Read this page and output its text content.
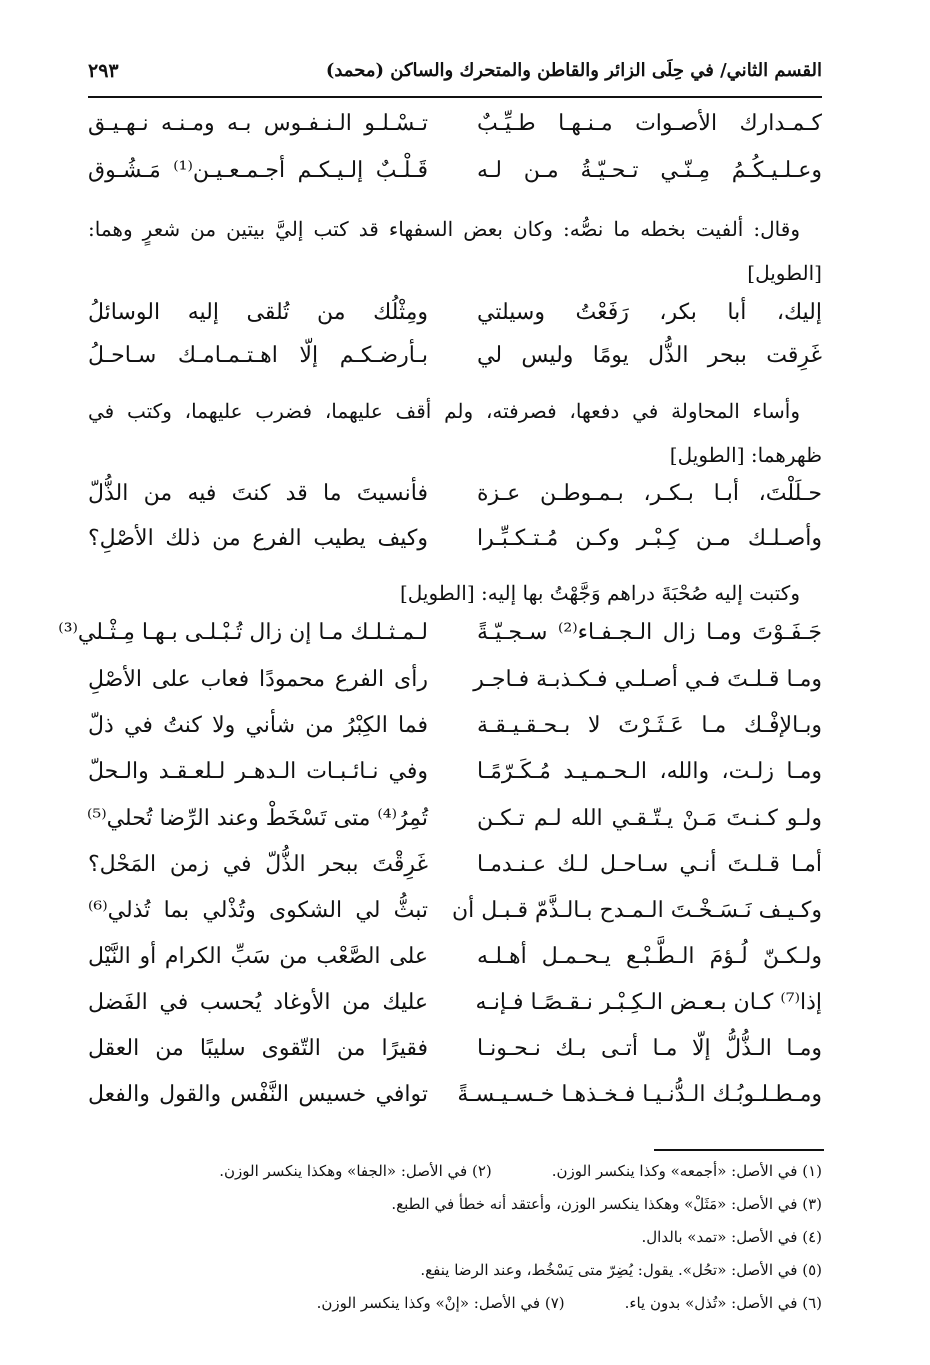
القسم الثاني/ في حِلَى الزائر والقاطن والمتحرك والساكن (محمد)
٢٩٣
كـمـدارك الأصـوات مـنـهـا طـيِّـبٌ
تـسْـلـو الـنـفـوس بـه ومـنـه نـهـيـق
وعـلـيـكُـمُ مِـنّـي تـحـيّـةُ مـن لـه
قَـلْـبٌ إلـيـكـم أجـمـعـيـن⁽¹⁾ مَـشُـوق
وقال: ألفيت بخطه ما نصُّه: وكان بعض السفهاء قد كتب إليَّ بيتين من شعرٍ وهما: [الطويل]
إليك، أبا بكر، رَفَعْتُ وسيلتي
ومِثْلُك من تُلقى إليه الوسائلُ
غَرِقت ببحر الذُّل يومًا وليس لي
بـأرضـكـم إلّا اهـتـمـامـك سـاحـلُ
وأساء المحاولة في دفعها، فصرفته، ولم أقف عليهما، فضرب عليهما، وكتب في ظهرهما: [الطويل]
حـلَلْتَ، أبـا بـكـر، بـمـوطـن عـزة
فأنسيتَ ما قد كنتَ فيه من الذُّلّ
وأصـلـك مـن كِـبْـر وكـن مُـتـكـبِّـرا
وكيف يطيب الفرع من ذلك الأصْلِ؟
وكتبت إليه صُحْبَةَ دراهم وَجَّهْتُ بها إليه: [الطويل]
جَـفَـوْتَ ومـا زال الـجـفـاء⁽²⁾ سـجـيّـةً
لـمـثـلـك مـا إن زال تُـبْـلـى بـهـا مِـثْـلي⁽³⁾
ومـا قـلـتَ فـي أصـلـي فـكـذبـة فـاجـر
رأى الفرع محمودًا فعاب على الأصْلِ
وبـالإفْـك مـا عَـثَـرْتَ لا بـحـقـيـقـة
فما الكِبْرُ من شأني ولا كنتُ في ذلّ
ومـا زلـت، والله، الـحـمـيـد مُـكَـرّمًـا
وفي نـائـبـات الـدهـر لـلعـقـد والـحلّ
ولـو كـنـتَ مَـنْ يـتّـقـي الله لـم تـكـن
تُمِرُ⁽⁴⁾ متى تَسْخَطْ وعند الرِّضا تُحلي⁽⁵⁾
أمـا قـلـتَ أنـي سـاحـل لـك عـنـدمـا
غَرِقْتَ ببحر الذُّلّ في زمن المَحْل؟
وكـيـف نَـسَـخْـتَ الـمـدح بـالـذَّمّ قـبـل أن
تبثُّ لي الشكوى وتُذْلي بما تُذلي⁽⁶⁾
ولـكـنّ لُـؤمَ الـطَّـبْـع يـحـمـل أهـلـه
على الصَّعْب من سَبِّ الكرام أو النَّيْل
إذا⁽⁷⁾ كـان بـعـض الـكِـبْـر نـقـصًـا فـإنـه
عليك من الأوغاد يُحسب في الفَضل
ومـا الـذُّلُّ إلّا مـا أتـى بـك نـحـونـا
فقيرًا من التّقوى سليبًا من العقل
ومـطـلـوبُـك الـدُّنـيـا فـخـذهـا خـسـيـسـةً
توافي خسيس النَّفْس والقول والفعل
(١) في الأصل: «أجمعه» وكذا ينكسر الوزن.(٢) في الأصل: «الجفا» وهكذا ينكسر الوزن.
(٣) في الأصل: «مَثَلْ» وهكذا ينكسر الوزن، وأعتقد أنه خطأ في الطبع.
(٤) في الأصل: «تمد» بالدال.
(٥) في الأصل: «تحُل». يقول: يُضِرّ متى يَسْخُط، وعند الرضا ينفع.
(٦) في الأصل: «تُذل» بدون ياء.(٧) في الأصل: «إنْ» وكذا ينكسر الوزن.
